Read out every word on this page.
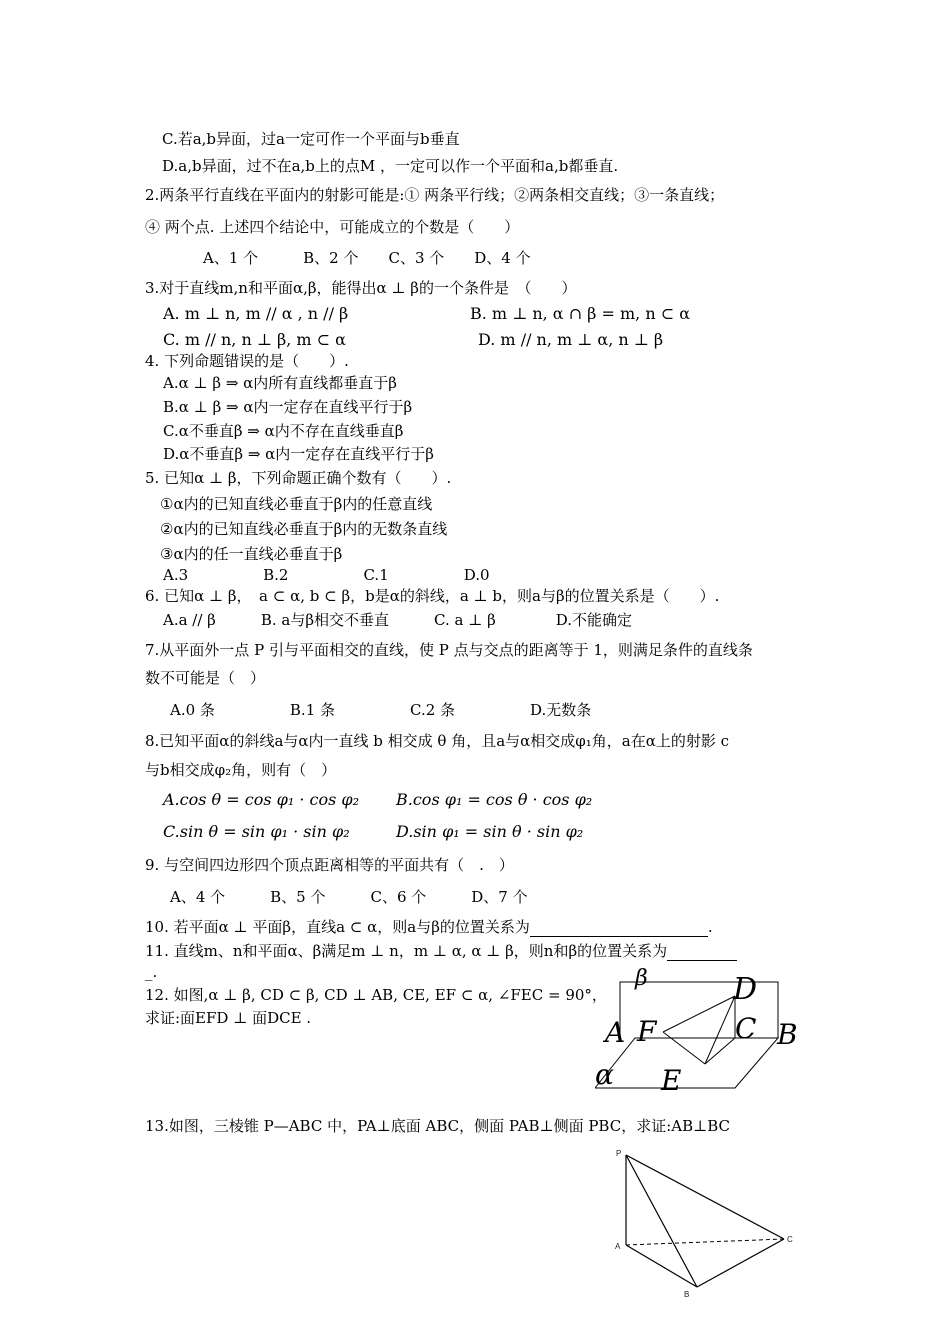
C.若a,b异面，过a一定可作一个平面与b垂直
D.a,b异面，过不在a,b上的点M ，一定可以作一个平面和a,b都垂直.
2.两条平行直线在平面内的射影可能是:① 两条平行线；②两条相交直线；③一条直线；
④ 两个点. 上述四个结论中，可能成立的个数是（　　）
A、1 个　　　B、2 个　　C、3 个　　D、4 个
3.对于直线m,n和平面α,β，能得出α ⊥ β的一个条件是　（　　）
A. m ⊥ n, m // α , n // β	B. m ⊥ n, α ∩ β = m, n ⊂ α
C. m // n, n ⊥ β, m ⊂ α	D. m // n, m ⊥ α, n ⊥ β
4. 下列命题错误的是（　　）.
A.α ⊥ β ⇒ α内所有直线都垂直于β
B.α ⊥ β ⇒ α内一定存在直线平行于β
C.α不垂直β ⇒ α内不存在直线垂直β
D.α不垂直β ⇒ α内一定存在直线平行于β
5. 已知α ⊥ β，下列命题正确个数有（　　）.
①α内的已知直线必垂直于β内的任意直线
②α内的已知直线必垂直于β内的无数条直线
③α内的任一直线必垂直于β
A.3　　　　　B.2　　　　　C.1　　　　　D.0
6. 已知α ⊥ β，　a ⊂ α, b ⊂ β，b是α的斜线，a ⊥ b，则a与β的位置关系是（　　）.
A.a // β　　　B. a与β相交不垂直　　　C. a ⊥ β　　　　D.不能确定
7.从平面外一点 P 引与平面相交的直线，使 P 点与交点的距离等于 1，则满足条件的直线条
数不可能是（　）
A.0 条　　　　　B.1 条　　　　　C.2 条　　　　　D.无数条
8.已知平面α的斜线a与α内一直线 b 相交成 θ 角，且a与α相交成φ₁角，a在α上的射影 c
与b相交成φ₂角，则有（　）
A.cos θ = cos φ₁ · cos φ₂ B.cos φ₁ = cos θ · cos φ₂
C.sin θ = sin φ₁ · sin φ₂	D.sin φ₁ = sin θ · sin φ₂
9. 与空间四边形四个顶点距离相等的平面共有（　.　）
A、4 个　　　B、5 个　　　C、6 个　　　D、7 个
10. 若平面α ⊥ 平面β，直线a ⊂ α，则a与β的位置关系为	.
11. 直线m、n和平面α、β满足m ⊥ n，m ⊥ α, α ⊥ β，则n和β的位置关系为
_.
12. 如图,α ⊥ β, CD ⊂ β, CD ⊥ AB, CE, EF ⊂ α, ∠FEC = 90°，
求证:面EFD ⊥ 面DCE .
13.如图，三棱锥 P—ABC 中，PA⊥底面 ABC，侧面 PAB⊥侧面 PBC，求证:AB⊥BC
β	D
A F	C B
α E
P
A
C
B
